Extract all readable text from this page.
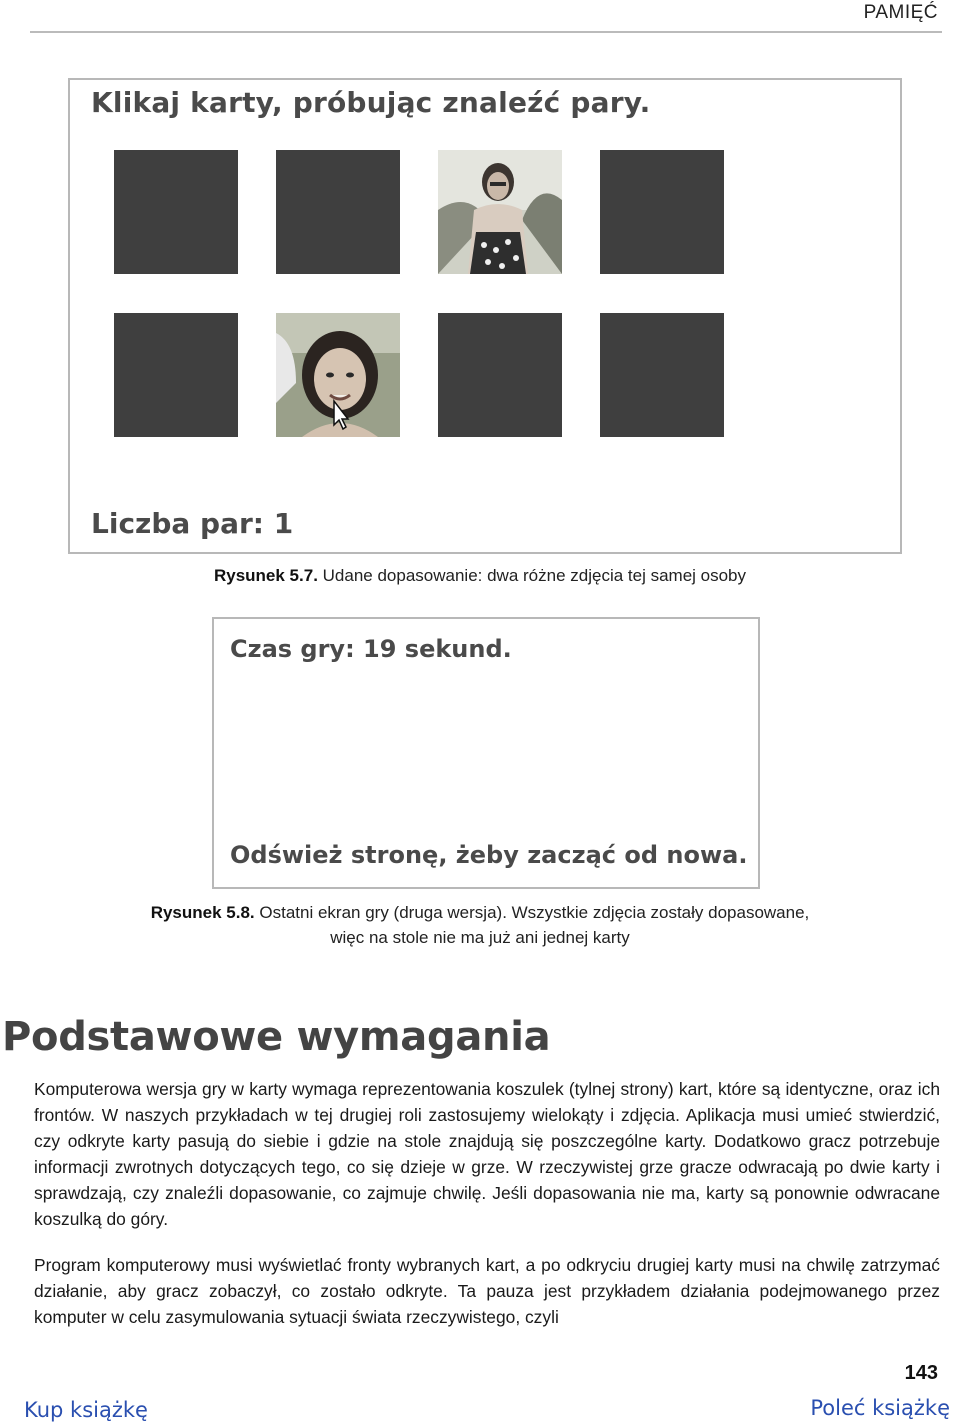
PAMIĘĆ
Klikaj karty, próbując znaleźć pary.
Liczba par: 1
Rysunek 5.7. Udane dopasowanie: dwa różne zdjęcia tej samej osoby
Czas gry: 19 sekund.
Odśwież stronę, żeby zacząć od nowa.
Rysunek 5.8. Ostatni ekran gry (druga wersja). Wszystkie zdjęcia zostały dopasowane,
więc na stole nie ma już ani jednej karty
Podstawowe wymagania

Komputerowa wersja gry w karty wymaga reprezentowania koszulek (tylnej strony) kart, które są identyczne, oraz ich frontów. W naszych przykładach w tej drugiej roli zastosujemy wielokąty i zdjęcia. Aplikacja musi umieć stwierdzić, czy odkryte karty pasują do siebie i gdzie na stole znajdują się poszczególne karty. Dodatkowo gracz potrzebuje informacji zwrotnych dotyczących tego, co się dzieje w grze. W rzeczywistej grze gracze odwracają po dwie karty i sprawdzają, czy znaleźli dopasowanie, co zajmuje chwilę. Jeśli dopasowania nie ma, karty są ponownie odwracane koszulką do góry.

Program komputerowy musi wyświetlać fronty wybranych kart, a po odkryciu drugiej karty musi na chwilę zatrzymać działanie, aby gracz zobaczył, co zostało odkryte. Ta pauza jest przykładem działania podejmowanego przez komputer w celu zasymulowania sytuacji świata rzeczywistego, czyli

143
Kup książkę	Poleć książkę
